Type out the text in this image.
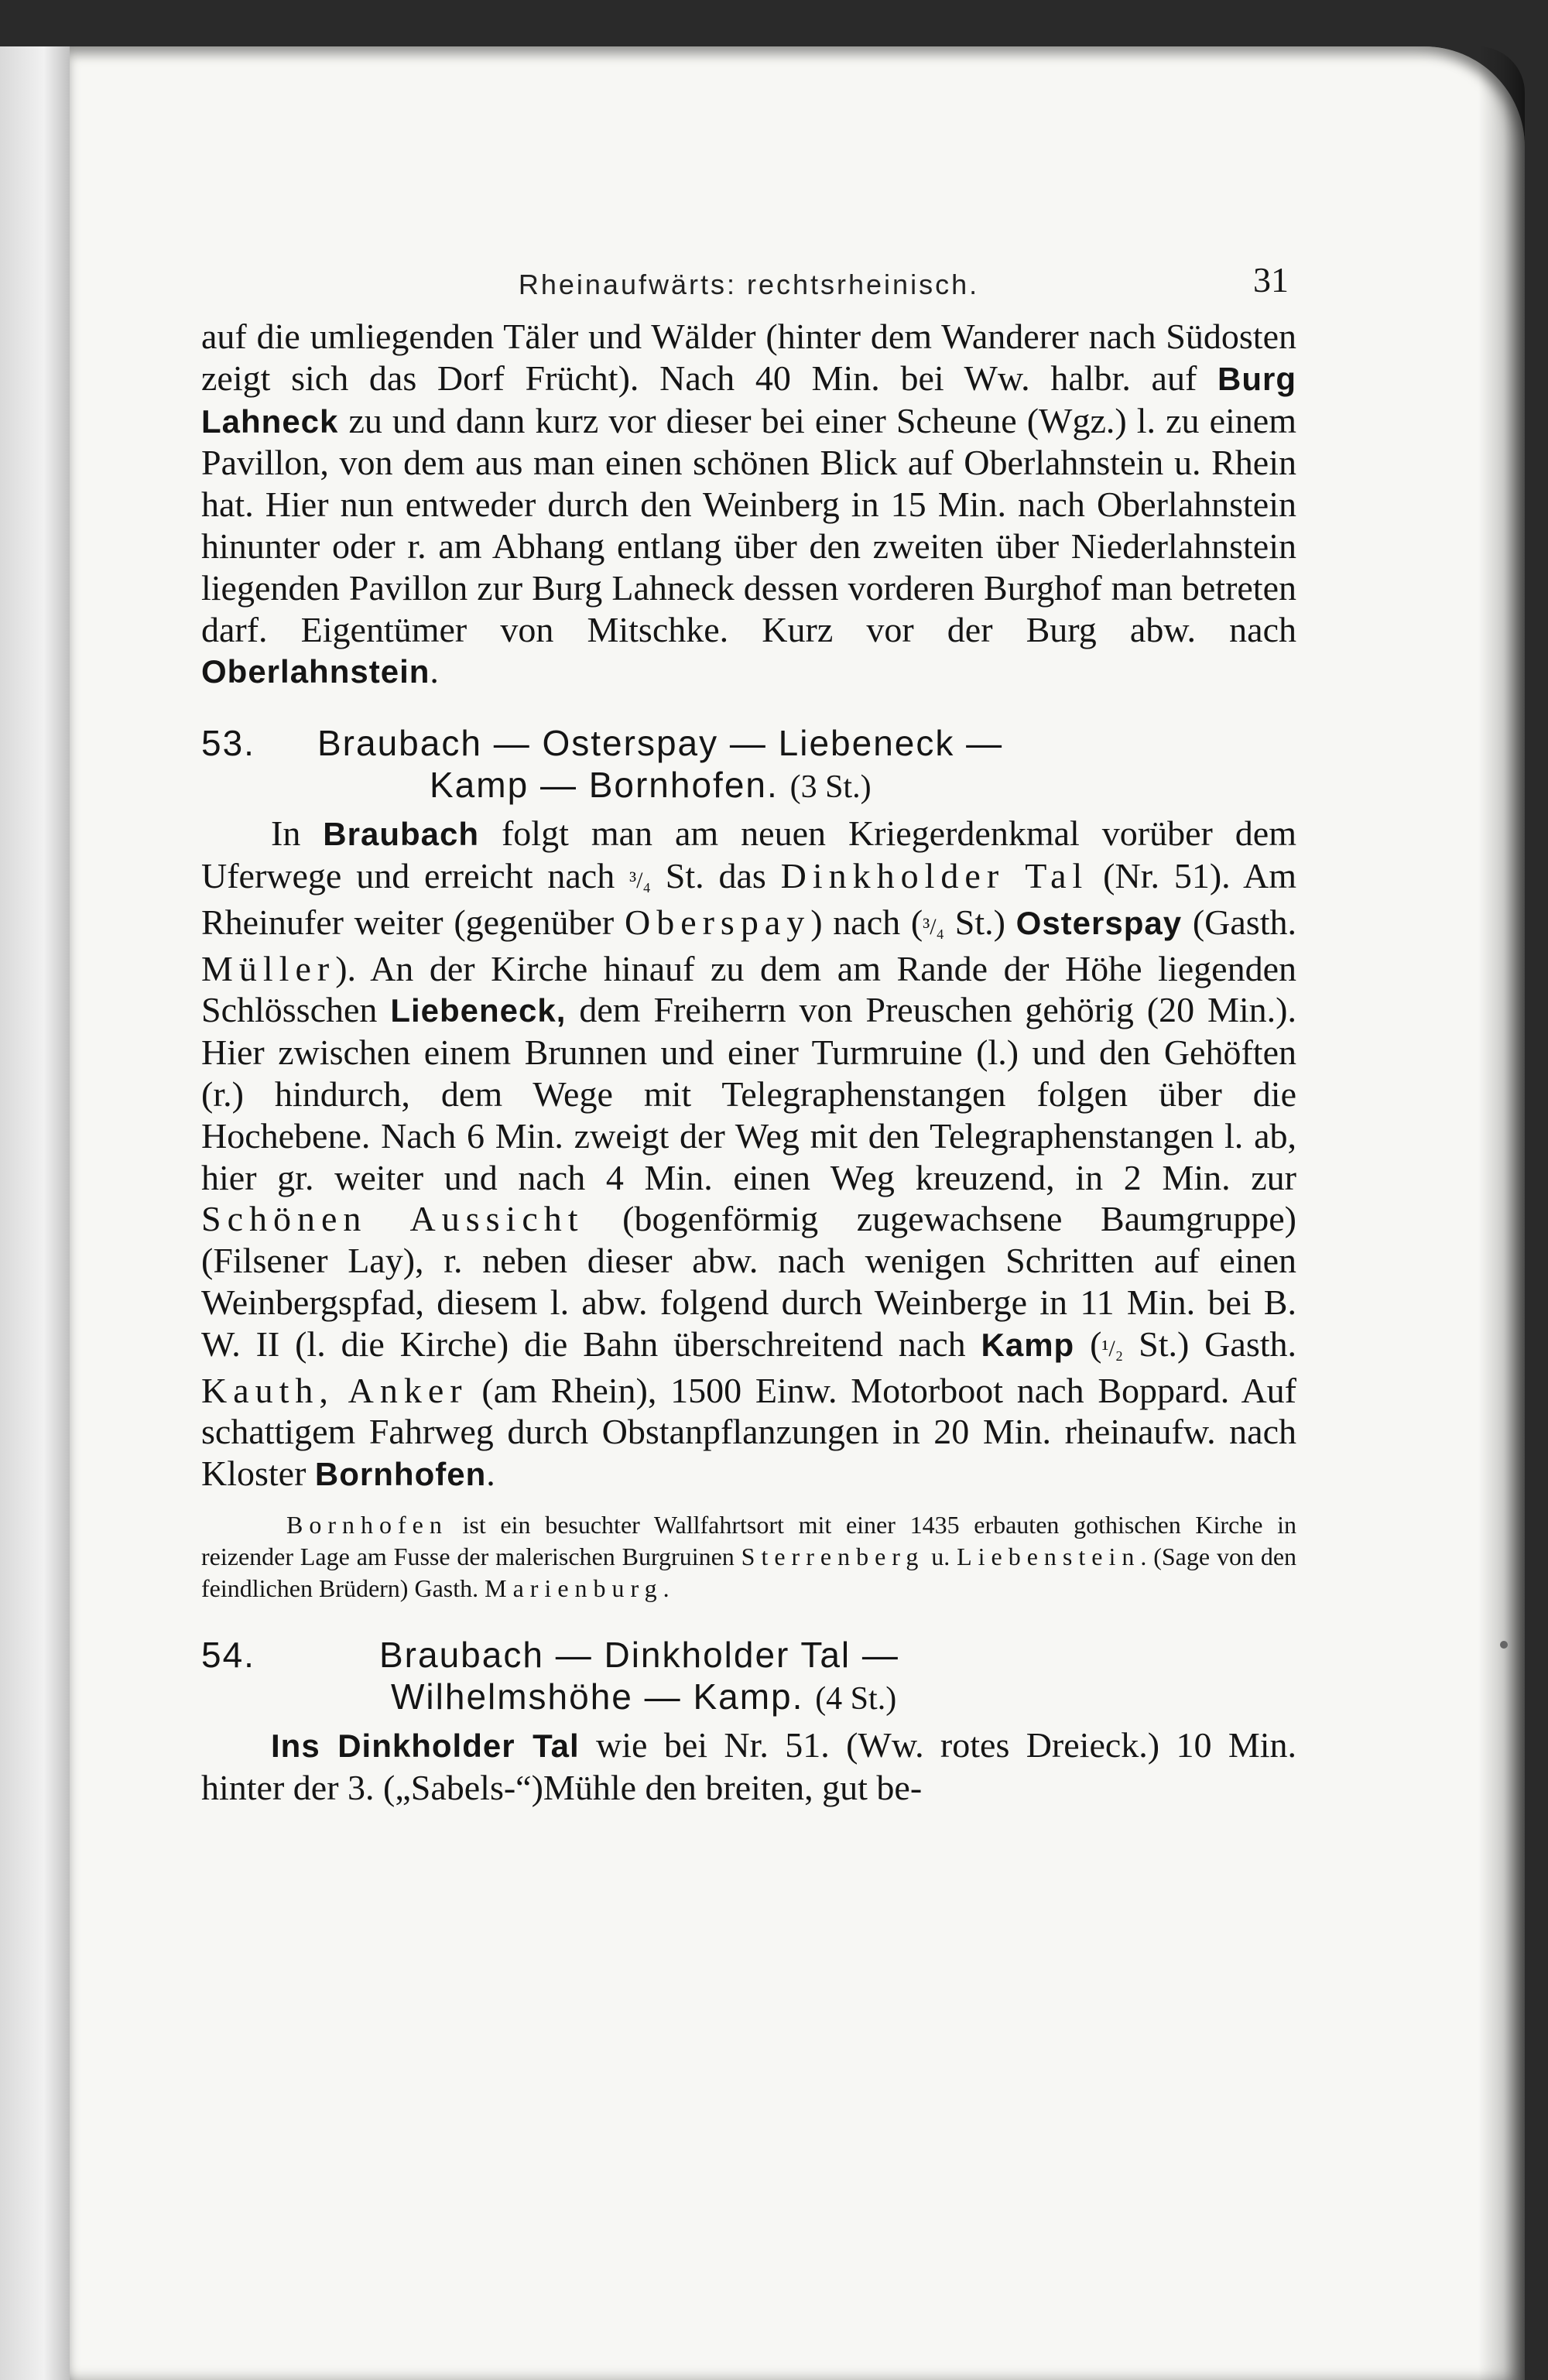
Rheinaufwärts: rechtsrheinisch.	31

auf die umliegenden Täler und Wälder (hinter dem Wanderer nach Südosten zeigt sich das Dorf Frücht). Nach 40 Min. bei Ww. halbr. auf Burg Lahneck zu und dann kurz vor dieser bei einer Scheune (Wgz.) l. zu einem Pavillon, von dem aus man einen schönen Blick auf Oberlahnstein u. Rhein hat. Hier nun entweder durch den Weinberg in 15 Min. nach Oberlahnstein hinunter oder r. am Abhang entlang über den zweiten über Niederlahnstein liegenden Pavillon zur Burg Lahneck dessen vorderen Burghof man betreten darf. Eigentümer von Mitschke. Kurz vor der Burg abw. nach Oberlahnstein.

53. Braubach — Osterspay — Liebeneck —
Kamp — Bornhofen. (3 St.)

In Braubach folgt man am neuen Kriegerdenkmal vorüber dem Uferwege und erreicht nach ³/₄ St. das Dinkholder Tal (Nr. 51). Am Rheinufer weiter (gegenüber Oberspay) nach (³/₄ St.) Osterspay (Gasth. Müller). An der Kirche hinauf zu dem am Rande der Höhe liegenden Schlösschen Liebeneck, dem Freiherrn von Preuschen gehörig (20 Min.). Hier zwischen einem Brunnen und einer Turmruine (l.) und den Gehöften (r.) hindurch, dem Wege mit Telegraphenstangen folgen über die Hochebene. Nach 6 Min. zweigt der Weg mit den Telegraphenstangen l. ab, hier gr. weiter und nach 4 Min. einen Weg kreuzend, in 2 Min. zur Schönen Aussicht (bogenförmig zugewachsene Baumgruppe) (Filsener Lay), r. neben dieser abw. nach wenigen Schritten auf einen Weinbergspfad, diesem l. abw. folgend durch Weinberge in 11 Min. bei B. W. II (l. die Kirche) die Bahn überschreitend nach Kamp (¹/₂ St.) Gasth. Kauth, Anker (am Rhein), 1500 Einw. Motorboot nach Boppard. Auf schattigem Fahrweg durch Obstanpflanzungen in 20 Min. rheinaufw. nach Kloster Bornhofen.

Bornhofen ist ein besuchter Wallfahrtsort mit einer 1435 erbauten gothischen Kirche in reizender Lage am Fusse der malerischen Burgruinen Sterrenberg u. Liebenstein. (Sage von den feindlichen Brüdern) Gasth. Marienburg.

54.	Braubach — Dinkholder Tal —
Wilhelmshöhe — Kamp. (4 St.)

Ins Dinkholder Tal wie bei Nr. 51. (Ww. rotes Dreieck.) 10 Min. hinter der 3. („Sabels-“)Mühle den breiten, gut be-
